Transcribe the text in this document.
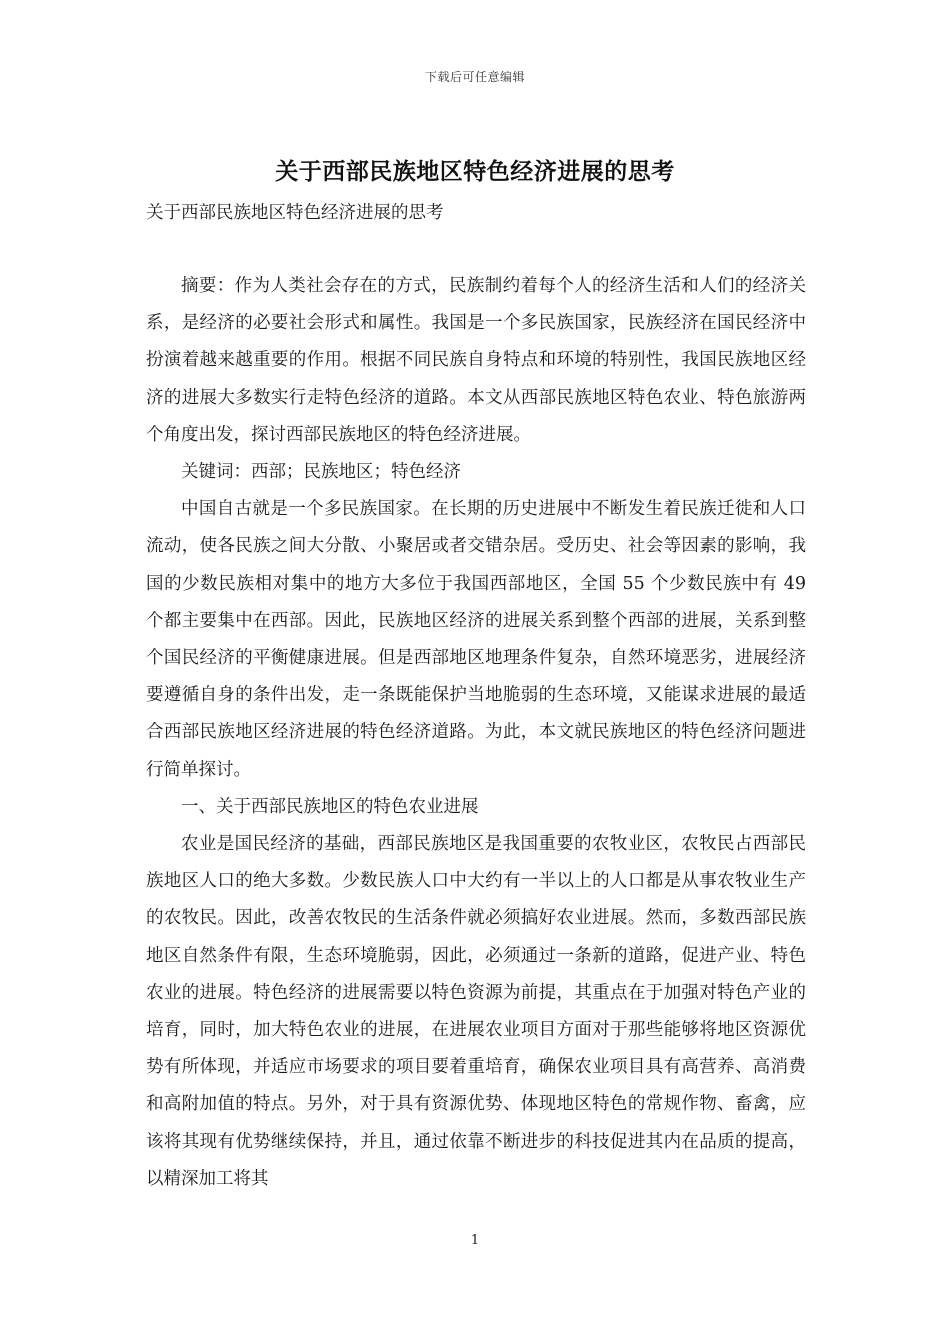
下载后可任意编辑
关于西部民族地区特色经济进展的思考
关于西部民族地区特色经济进展的思考

摘要：作为人类社会存在的方式，民族制约着每个人的经济生活和人们的经济关系，是经济的必要社会形式和属性。我国是一个多民族国家，民族经济在国民经济中扮演着越来越重要的作用。根据不同民族自身特点和环境的特别性，我国民族地区经济的进展大多数实行走特色经济的道路。本文从西部民族地区特色农业、特色旅游两个角度出发，探讨西部民族地区的特色经济进展。

关键词：西部；民族地区；特色经济

中国自古就是一个多民族国家。在长期的历史进展中不断发生着民族迁徙和人口流动，使各民族之间大分散、小聚居或者交错杂居。受历史、社会等因素的影响，我国的少数民族相对集中的地方大多位于我国西部地区，全国 55 个少数民族中有 49 个都主要集中在西部。因此，民族地区经济的进展关系到整个西部的进展，关系到整个国民经济的平衡健康进展。但是西部地区地理条件复杂，自然环境恶劣，进展经济要遵循自身的条件出发，走一条既能保护当地脆弱的生态环境，又能谋求进展的最适合西部民族地区经济进展的特色经济道路。为此，本文就民族地区的特色经济问题进行简单探讨。

一、关于西部民族地区的特色农业进展

农业是国民经济的基础，西部民族地区是我国重要的农牧业区，农牧民占西部民族地区人口的绝大多数。少数民族人口中大约有一半以上的人口都是从事农牧业生产的农牧民。因此，改善农牧民的生活条件就必须搞好农业进展。然而，多数西部民族地区自然条件有限，生态环境脆弱，因此，必须通过一条新的道路，促进产业、特色农业的进展。特色经济的进展需要以特色资源为前提，其重点在于加强对特色产业的培育，同时，加大特色农业的进展，在进展农业项目方面对于那些能够将地区资源优势有所体现，并适应市场要求的项目要着重培育，确保农业项目具有高营养、高消费和高附加值的特点。另外，对于具有资源优势、体现地区特色的常规作物、畜禽，应该将其现有优势继续保持，并且，通过依靠不断进步的科技促进其内在品质的提高，以精深加工将其

1
